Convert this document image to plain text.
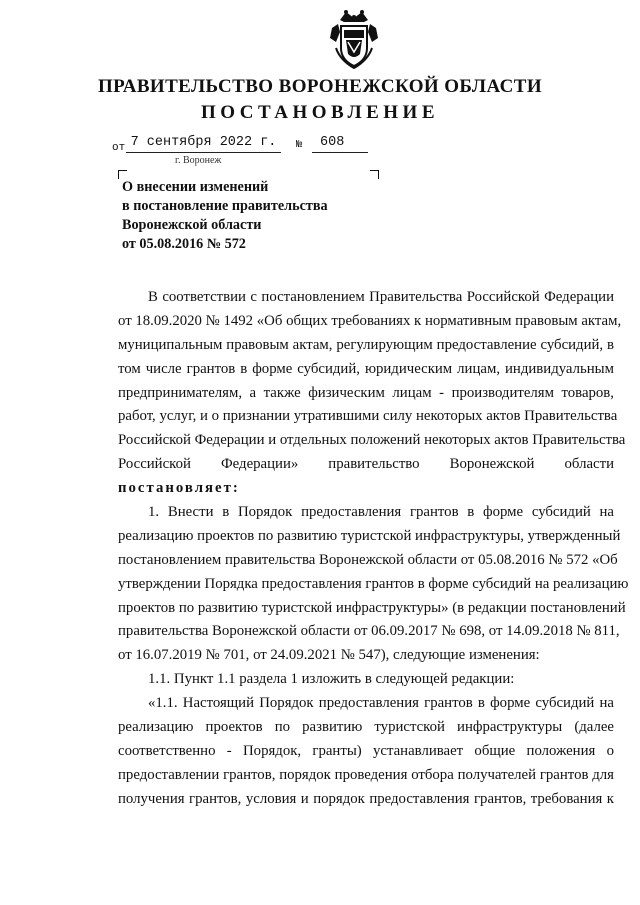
ПРАВИТЕЛЬСТВО ВОРОНЕЖСКОЙ ОБЛАСТИ
ПОСТАНОВЛЕНИЕ
от 7 сентября 2022 г.	№ 608
г. Воронеж
О внесении изменений
в постановление правительства
Воронежской области
от 05.08.2016 № 572
В соответствии с постановлением Правительства Российской Федерации
от 18.09.2020 № 1492 «Об общих требованиях к нормативным правовым актам,
муниципальным правовым актам, регулирующим предоставление субсидий, в
том числе грантов в форме субсидий, юридическим лицам, индивидуальным
предпринимателям, а также физическим лицам - производителям товаров,
работ, услуг, и о признании утратившими силу некоторых актов Правительства
Российской Федерации и отдельных положений некоторых актов Правительства
Российской Федерации» правительство Воронежской области
постановляет:
1. Внести в Порядок предоставления грантов в форме субсидий на
реализацию проектов по развитию туристской инфраструктуры, утвержденный
постановлением правительства Воронежской области от 05.08.2016 № 572 «Об
утверждении Порядка предоставления грантов в форме субсидий на реализацию
проектов по развитию туристской инфраструктуры» (в редакции постановлений
правительства Воронежской области от 06.09.2017 № 698, от 14.09.2018 № 811,
от 16.07.2019 № 701, от 24.09.2021 № 547), следующие изменения:
1.1. Пункт 1.1 раздела 1 изложить в следующей редакции:
«1.1. Настоящий Порядок предоставления грантов в форме субсидий на
реализацию проектов по развитию туристской инфраструктуры (далее
соответственно - Порядок, гранты) устанавливает общие положения о
предоставлении грантов, порядок проведения отбора получателей грантов для
получения грантов, условия и порядок предоставления грантов, требования к
